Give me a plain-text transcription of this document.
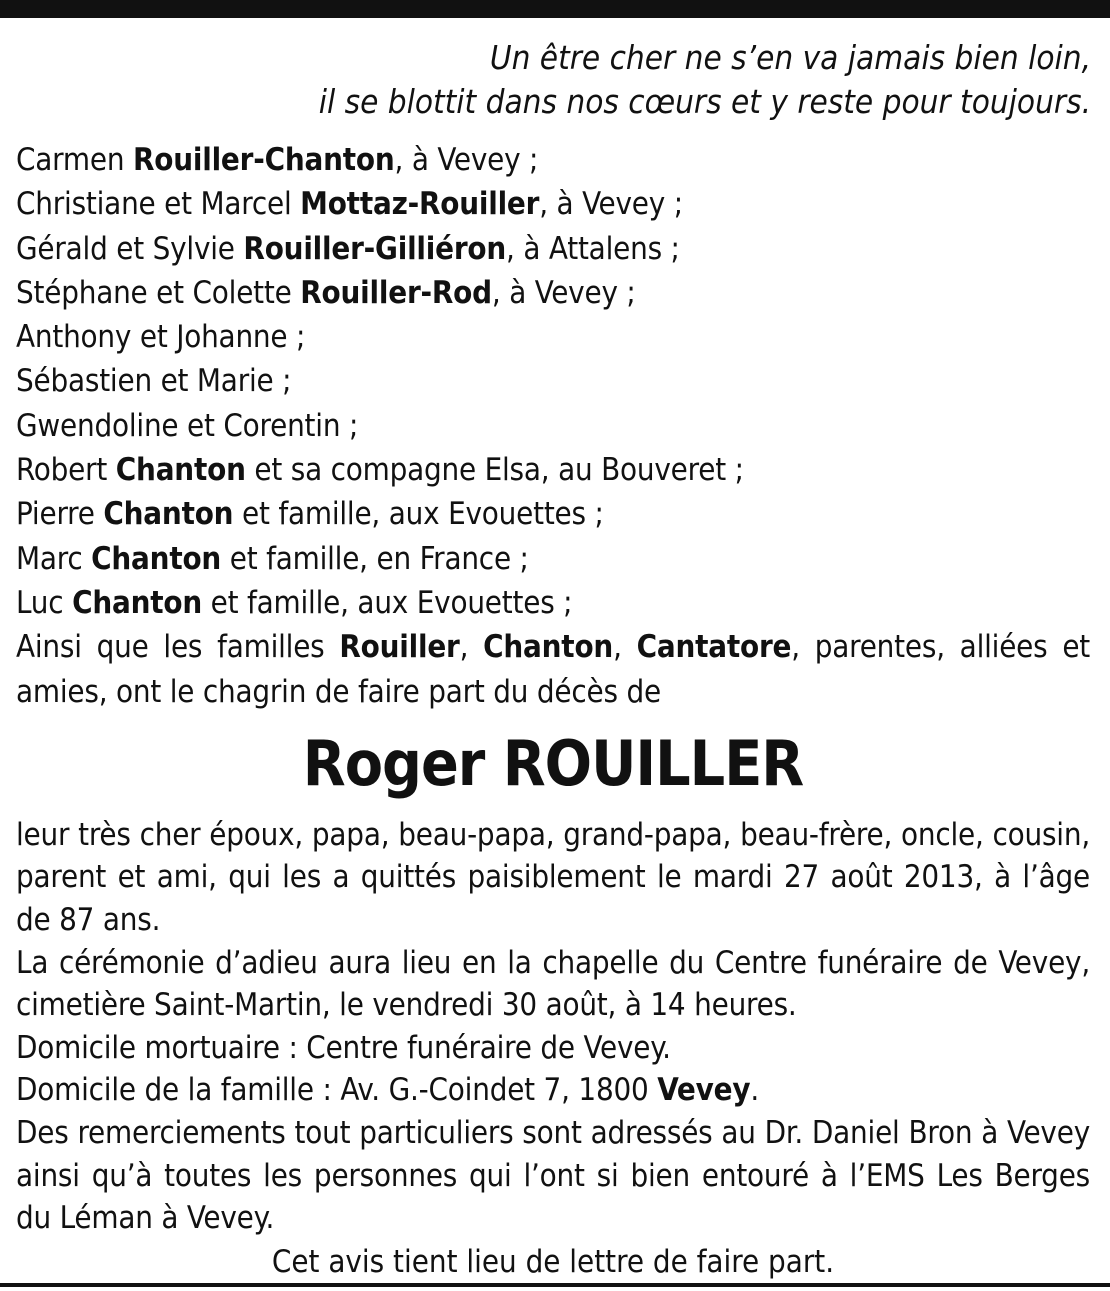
Un être cher ne s’en va jamais bien loin,
il se blottit dans nos cœurs et y reste pour toujours.
Carmen Rouiller-Chanton, à Vevey ;
Christiane et Marcel Mottaz-Rouiller, à Vevey ;
Gérald et Sylvie Rouiller-Gilliéron, à Attalens ;
Stéphane et Colette Rouiller-Rod, à Vevey ;
Anthony et Johanne ;
Sébastien et Marie ;
Gwendoline et Corentin ;
Robert Chanton et sa compagne Elsa, au Bouveret ;
Pierre Chanton et famille, aux Evouettes ;
Marc Chanton et famille, en France ;
Luc Chanton et famille, aux Evouettes ;
Ainsi que les familles Rouiller, Chanton, Cantatore, parentes, alliées et
amies, ont le chagrin de faire part du décès de
Roger ROUILLER

leur très cher époux, papa, beau-papa, grand-papa, beau-frère, oncle, cousin, parent et ami, qui les a quittés paisiblement le mardi 27 août 2013, à l’âge de 87 ans.

La cérémonie d’adieu aura lieu en la chapelle du Centre funéraire de Vevey, cimetière Saint-Martin, le vendredi 30 août, à 14 heures.

Domicile mortuaire : Centre funéraire de Vevey.

Domicile de la famille : Av. G.-Coindet 7, 1800 Vevey.

Des remerciements tout particuliers sont adressés au Dr. Daniel Bron à Vevey ainsi qu’à toutes les personnes qui l’ont si bien entouré à l’EMS Les Berges du Léman à Vevey.

Cet avis tient lieu de lettre de faire part.
